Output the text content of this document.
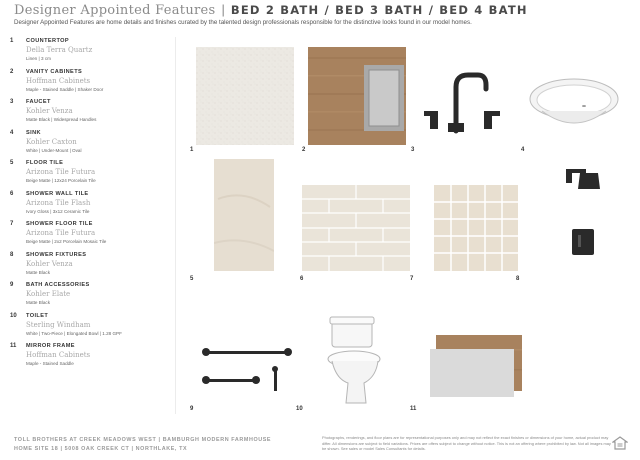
Designer Appointed Features | BED 2 BATH / BED 3 BATH / BED 4 BATH
Designer Appointed Features are home details and finishes curated by the talented design professionals responsible for the distinctive looks found in our model homes.
1 COUNTERTOP
Della Terra Quartz
Linen | 3 cm
2 VANITY CABINETS
Hoffman Cabinets
Maple - Stained Saddle | Shaker Door
3 FAUCET
Kohler Venza
Matte Black | Widespread Handles
4 SINK
Kohler Caxton
White | Under-Mount | Oval
5 FLOOR TILE
Arizona Tile Futura
Beige Matte | 12x24 Porcelain Tile
6 SHOWER WALL TILE
Arizona Tile Flash
Ivory Gloss | 3x12 Ceramic Tile
7 SHOWER FLOOR TILE
Arizona Tile Futura
Beige Matte | 2x2 Porcelain Mosaic Tile
8 SHOWER FIXTURES
Kohler Venza
Matte Black
9 BATH ACCESSORIES
Kohler Elate
Matte Black
10 TOILET
Sterling Windham
White | Two-Piece | Elongated Bowl | 1.28 GPF
11 MIRROR FRAME
Hoffman Cabinets
Maple - Stained Saddle
1	2	3	4
5	6	7	8
9	10	11
TOLL BROTHERS AT CREEK MEADOWS WEST | BAMBURGH MODERN FARMHOUSE
HOME SITE 18 | 5008 OAK CREEK CT | NORTHLAKE, TX
Photographs, renderings, and floor plans are for representational purposes only and may not reflect the exact finishes or dimensions of your home, actual product may differ. All dimensions are subject to field variations. Prices are offers subject to change without notice. This is not an offering where prohibited by law. Not all images may be shown. See sales or model Sales Consultants for details.
